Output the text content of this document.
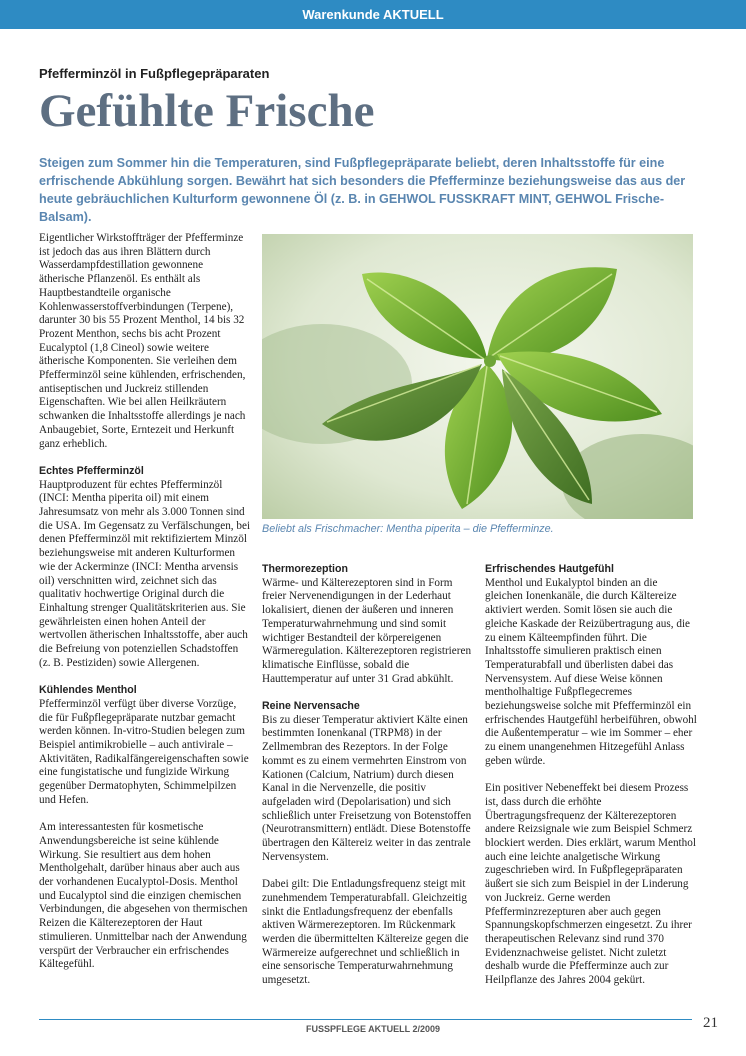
Warenkunde AKTUELL
Pfefferminzöl in Fußpflegepräparaten
Gefühlte Frische

Steigen zum Sommer hin die Temperaturen, sind Fußpflegepräparate beliebt, deren Inhaltsstoffe für eine erfrischende Abkühlung sorgen. Bewährt hat sich besonders die Pfefferminze beziehungsweise das aus der heute gebräuchlichen Kulturform gewonnene Öl (z. B. in GEHWOL FUSSKRAFT MINT, GEHWOL Frische-Balsam).

Eigentlicher Wirkstoffträger der Pfefferminze ist jedoch das aus ihren Blättern durch Wasserdampfdestillation gewonnene ätherische Pflanzenöl. Es enthält als Hauptbestandteile organische Kohlenwasserstoffverbindungen (Terpene), darunter 30 bis 55 Prozent Menthol, 14 bis 32 Prozent Menthon, sechs bis acht Prozent Eucalyptol (1,8 Cineol) sowie weitere ätherische Komponenten. Sie verleihen dem Pfefferminzöl seine kühlenden, erfrischenden, antiseptischen und Juckreiz stillenden Eigenschaften. Wie bei allen Heilkräutern schwanken die Inhaltsstoffe allerdings je nach Anbaugebiet, Sorte, Erntezeit und Herkunft ganz erheblich.

Echtes Pfefferminzöl

Hauptproduzent für echtes Pfefferminzöl (INCI: Mentha piperita oil) mit einem Jahresumsatz von mehr als 3.000 Tonnen sind die USA. Im Gegensatz zu Verfälschungen, bei denen Pfefferminzöl mit rektifiziertem Minzöl beziehungsweise mit anderen Kulturformen wie der Ackerminze (INCI: Mentha arvensis oil) verschnitten wird, zeichnet sich das qualitativ hochwertige Original durch die Einhaltung strenger Qualitätskriterien aus. Sie gewährleisten einen hohen Anteil der wertvollen ätherischen Inhaltsstoffe, aber auch die Befreiung von potenziellen Schadstoffen (z. B. Pestiziden) sowie Allergenen.

Kühlendes Menthol

Pfefferminzöl verfügt über diverse Vorzüge, die für Fußpflegepräparate nutzbar gemacht werden können. In-vitro-Studien belegen zum Beispiel antimikrobielle – auch antivirale – Aktivitäten, Radikalfängereigenschaften sowie eine fungistatische und fungizide Wirkung gegenüber Dermatophyten, Schimmelpilzen und Hefen.

Am interessantesten für kosmetische Anwendungsbereiche ist seine kühlende Wirkung. Sie resultiert aus dem hohen Mentholgehalt, darüber hinaus aber auch aus der vorhandenen Eucalyptol-Dosis. Menthol und Eucalyptol sind die einzigen chemischen Verbindungen, die abgesehen von thermischen Reizen die Kälterezeptoren der Haut stimulieren. Unmittelbar nach der Anwendung verspürt der Verbraucher ein erfrischendes Kältegefühl.

Beliebt als Frischmacher: Mentha piperita – die Pfefferminze.
Thermorezeption

Wärme- und Kälterezeptoren sind in Form freier Nervenendigungen in der Lederhaut lokalisiert, dienen der äußeren und inneren Temperaturwahrnehmung und sind somit wichtiger Bestandteil der körpereigenen Wärmeregulation. Kälterezeptoren registrieren klimatische Einflüsse, sobald die Hauttemperatur auf unter 31 Grad abkühlt.

Reine Nervensache

Bis zu dieser Temperatur aktiviert Kälte einen bestimmten Ionenkanal (TRPM8) in der Zellmembran des Rezeptors. In der Folge kommt es zu einem vermehrten Einstrom von Kationen (Calcium, Natrium) durch diesen Kanal in die Nervenzelle, die positiv aufgeladen wird (Depolarisation) und sich schließlich unter Freisetzung von Botenstoffen (Neurotransmittern) entlädt. Diese Botenstoffe übertragen den Kältereiz weiter in das zentrale Nervensystem.

Dabei gilt: Die Entladungsfrequenz steigt mit zunehmendem Temperaturabfall. Gleichzeitig sinkt die Entladungsfrequenz der ebenfalls aktiven Wärmerezeptoren. Im Rückenmark werden die übermittelten Kältereize gegen die Wärmereize aufgerechnet und schließlich in eine sensorische Temperaturwahrnehmung umgesetzt.

Erfrischendes Hautgefühl

Menthol und Eukalyptol binden an die gleichen Ionenkanäle, die durch Kältereize aktiviert werden. Somit lösen sie auch die gleiche Kaskade der Reizübertragung aus, die zu einem Kälteempfinden führt. Die Inhaltsstoffe simulieren praktisch einen Temperaturabfall und überlisten dabei das Nervensystem. Auf diese Weise können mentholhaltige Fußpflegecremes beziehungsweise solche mit Pfefferminzöl ein erfrischendes Hautgefühl herbeiführen, obwohl die Außentemperatur – wie im Sommer – eher zu einem unangenehmen Hitzegefühl Anlass geben würde.

Ein positiver Nebeneffekt bei diesem Prozess ist, dass durch die erhöhte Übertragungsfrequenz der Kälterezeptoren andere Reizsignale wie zum Beispiel Schmerz blockiert werden. Dies erklärt, warum Menthol auch eine leichte analgetische Wirkung zugeschrieben wird. In Fußpflegepräparaten äußert sie sich zum Beispiel in der Linderung von Juckreiz. Gerne werden Pfefferminzrezepturen aber auch gegen Spannungskopfschmerzen eingesetzt. Zu ihrer therapeutischen Relevanz sind rund 370 Evidenznachweise gelistet. Nicht zuletzt deshalb wurde die Pfefferminze auch zur Heilpflanze des Jahres 2004 gekürt.

FUSSPFLEGE AKTUELL 2/2009	21
